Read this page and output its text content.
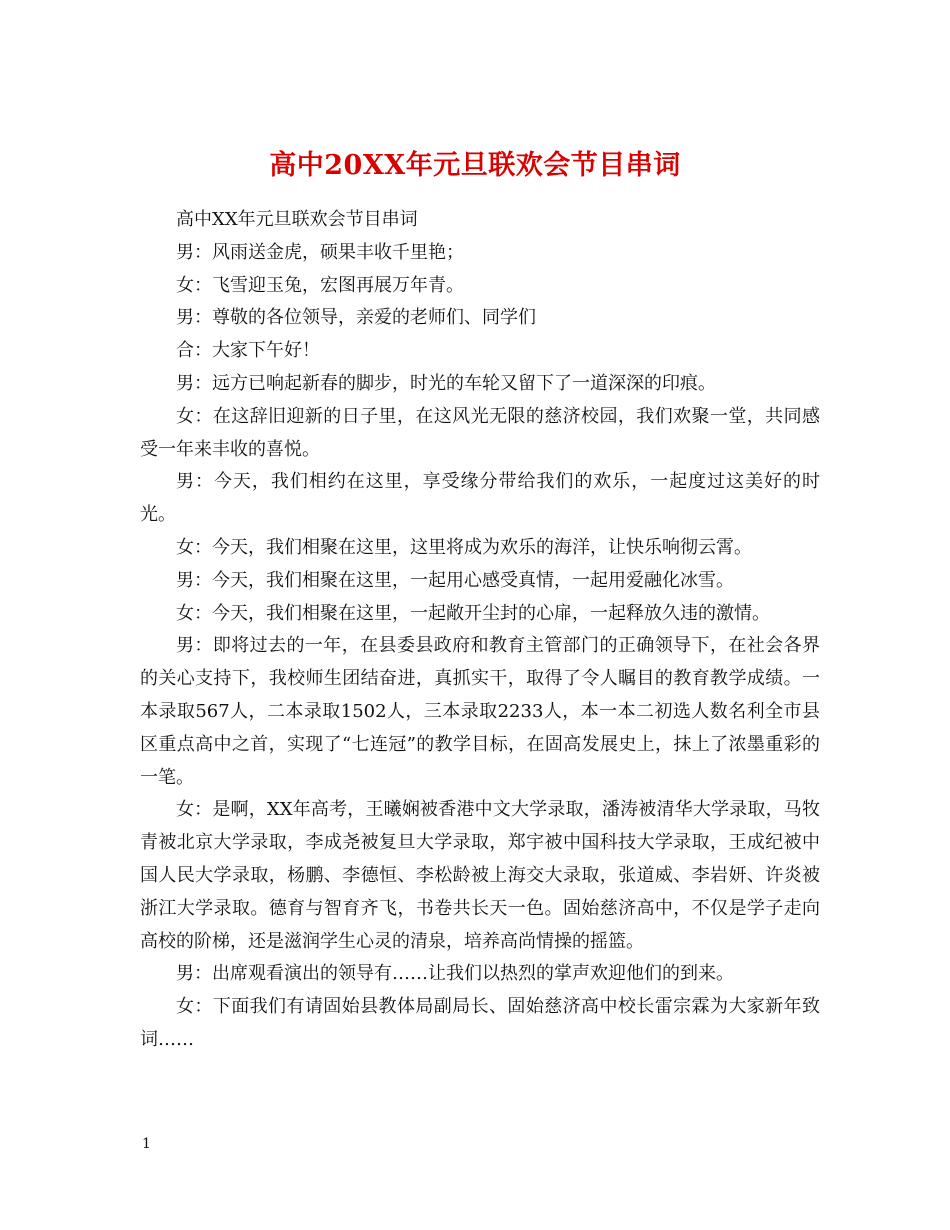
高中20XX年元旦联欢会节目串词

高中XX年元旦联欢会节目串词

男：风雨送金虎，硕果丰收千里艳；

女：飞雪迎玉兔，宏图再展万年青。

男：尊敬的各位领导，亲爱的老师们、同学们

合：大家下午好！

男：远方已响起新春的脚步，时光的车轮又留下了一道深深的印痕。

女：在这辞旧迎新的日子里，在这风光无限的慈济校园，我们欢聚一堂，共同感受一年来丰收的喜悦。

男：今天，我们相约在这里，享受缘分带给我们的欢乐，一起度过这美好的时光。

女：今天，我们相聚在这里，这里将成为欢乐的海洋，让快乐响彻云霄。

男：今天，我们相聚在这里，一起用心感受真情，一起用爱融化冰雪。

女：今天，我们相聚在这里，一起敞开尘封的心扉，一起释放久违的激情。

男：即将过去的一年，在县委县政府和教育主管部门的正确领导下，在社会各界的关心支持下，我校师生团结奋进，真抓实干，取得了令人瞩目的教育教学成绩。一本录取567人，二本录取1502人，三本录取2233人，本一本二初选人数名利全市县区重点高中之首，实现了“七连冠”的教学目标，在固高发展史上，抹上了浓墨重彩的一笔。

女：是啊，XX年高考，王曦娴被香港中文大学录取，潘涛被清华大学录取，马牧青被北京大学录取，李成尧被复旦大学录取，郑宇被中国科技大学录取，王成纪被中国人民大学录取，杨鹏、李德恒、李松龄被上海交大录取，张道威、李岩妍、许炎被浙江大学录取。德育与智育齐飞，书卷共长天一色。固始慈济高中，不仅是学子走向高校的阶梯，还是滋润学生心灵的清泉，培养高尚情操的摇篮。

男：出席观看演出的领导有……让我们以热烈的掌声欢迎他们的到来。

女：下面我们有请固始县教体局副局长、固始慈济高中校长雷宗霖为大家新年致词……

1
